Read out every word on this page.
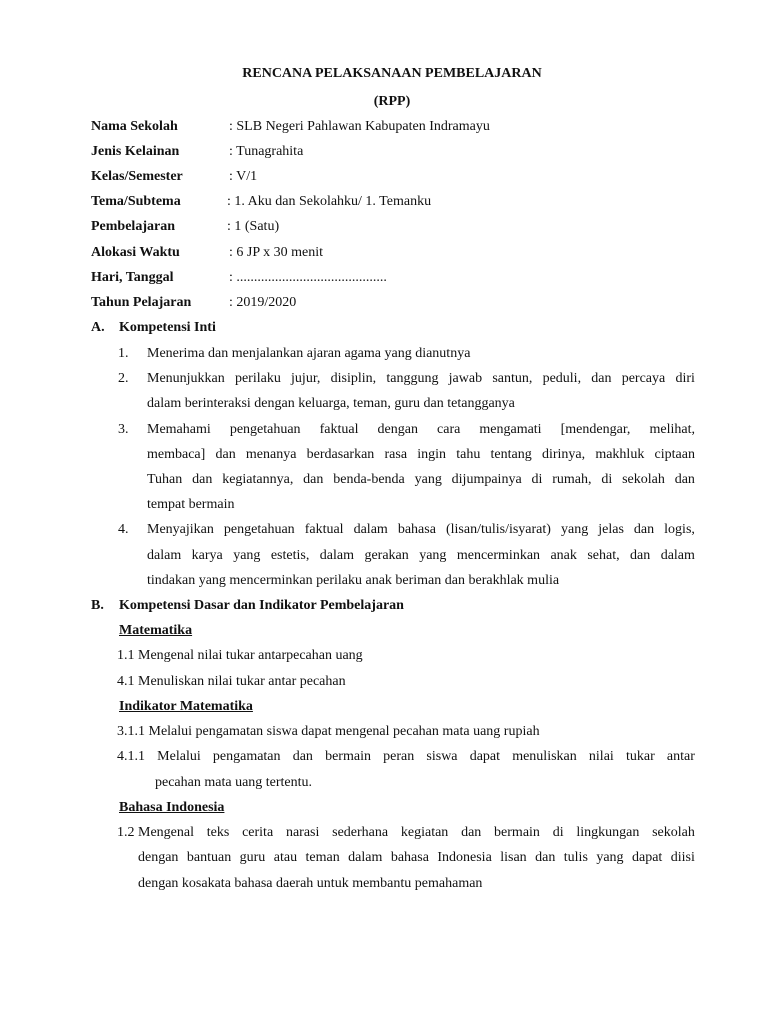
RENCANA PELAKSANAAN PEMBELAJARAN
(RPP)
Nama Sekolah	: SLB Negeri Pahlawan Kabupaten Indramayu
Jenis Kelainan	: Tunagrahita
Kelas/Semester	: V/1
Tema/Subtema	: 1. Aku dan Sekolahku/ 1. Temanku
Pembelajaran	: 1 (Satu)
Alokasi Waktu	: 6 JP x 30 menit
Hari, Tanggal	: ...........................................
Tahun Pelajaran	: 2019/2020
A. Kompetensi Inti
1. Menerima dan menjalankan ajaran agama yang dianutnya
2. Menunjukkan perilaku jujur, disiplin, tanggung jawab santun, peduli, dan percaya diri
dalam berinteraksi dengan keluarga, teman, guru dan tetangganya
3. Memahami pengetahuan faktual dengan cara mengamati [mendengar, melihat,
membaca] dan menanya berdasarkan rasa ingin tahu tentang dirinya, makhluk ciptaan
Tuhan dan kegiatannya, dan benda-benda yang dijumpainya di rumah, di sekolah dan
tempat bermain
4. Menyajikan pengetahuan faktual dalam bahasa (lisan/tulis/isyarat) yang jelas dan logis,
dalam karya yang estetis, dalam gerakan yang mencerminkan anak sehat, dan dalam
tindakan yang mencerminkan perilaku anak beriman dan berakhlak mulia
B. Kompetensi Dasar dan Indikator Pembelajaran
Matematika
1.1 Mengenal nilai tukar antarpecahan uang
4.1 Menuliskan nilai tukar antar pecahan
Indikator Matematika
3.1.1 Melalui pengamatan siswa dapat mengenal pecahan mata uang rupiah
4.1.1 Melalui pengamatan dan bermain peran siswa dapat menuliskan nilai tukar antar
pecahan mata uang tertentu.
Bahasa Indonesia
1.2 Mengenal teks cerita narasi sederhana kegiatan dan bermain di lingkungan sekolah
dengan bantuan guru atau teman dalam bahasa Indonesia lisan dan tulis yang dapat diisi
dengan kosakata bahasa daerah untuk membantu pemahaman
